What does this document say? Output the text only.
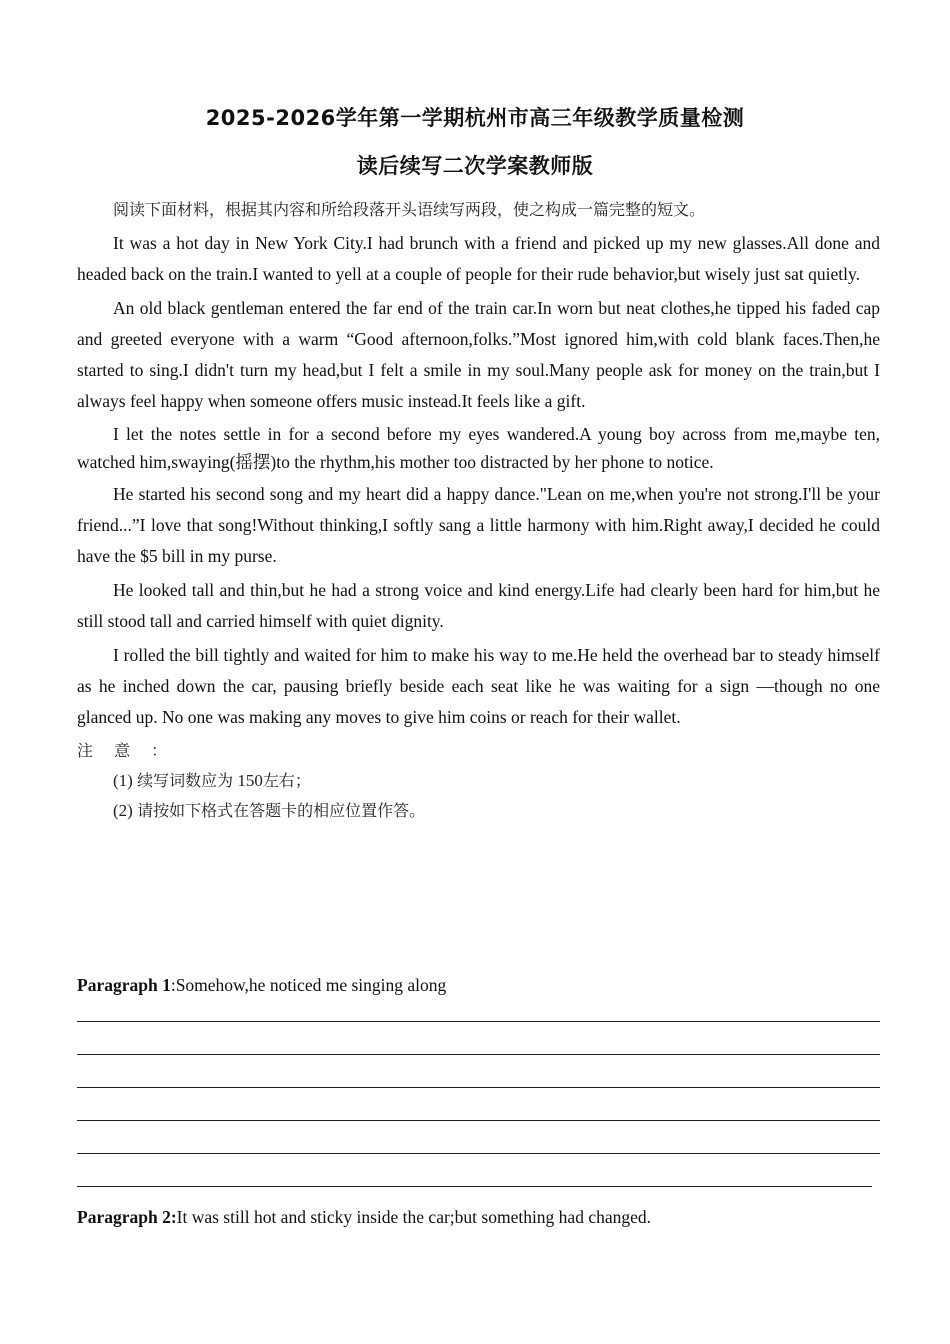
2025-2026学年第一学期杭州市高三年级教学质量检测
读后续写二次学案教师版

阅读下面材料，根据其内容和所给段落开头语续写两段，使之构成一篇完整的短文。

It was a hot day in New York City.I had brunch with a friend and picked up my new glasses.All done and headed back on the train.I wanted to yell at a couple of people for their rude behavior,but wisely just sat quietly.

An old black gentleman entered the far end of the train car.In worn but neat clothes,he tipped his faded cap and greeted everyone with a warm “Good afternoon,folks.”Most ignored him,with cold blank faces.Then,he started to sing.I didn't turn my head,but I felt a smile in my soul.Many people ask for money on the train,but I always feel happy when someone offers music instead.It feels like a gift.

I let the notes settle in for a second before my eyes wandered.A young boy across from me,maybe ten, watched him,swaying(摇摆)to the rhythm,his mother too distracted by her phone to notice.

He started his second song and my heart did a happy dance."Lean on me,when you're not strong.I'll be your friend...”I love that song!Without thinking,I softly sang a little harmony with him.Right away,I decided he could have the $5 bill in my purse.

He looked tall and thin,but he had a strong voice and kind energy.Life had clearly been hard for him,but he still stood tall and carried himself with quiet dignity.

I rolled the bill tightly and waited for him to make his way to me.He held the overhead bar to steady himself as he inched down the car, pausing briefly beside each seat like he was waiting for a sign —though no one glanced up. No one was making any moves to give him coins or reach for their wallet.

注 意 ：

(1) 续写词数应为 150左右；

(2) 请按如下格式在答题卡的相应位置作答。

Paragraph 1:Somehow,he noticed me singing along
Paragraph 2:It was still hot and sticky inside the car;but something had changed.
